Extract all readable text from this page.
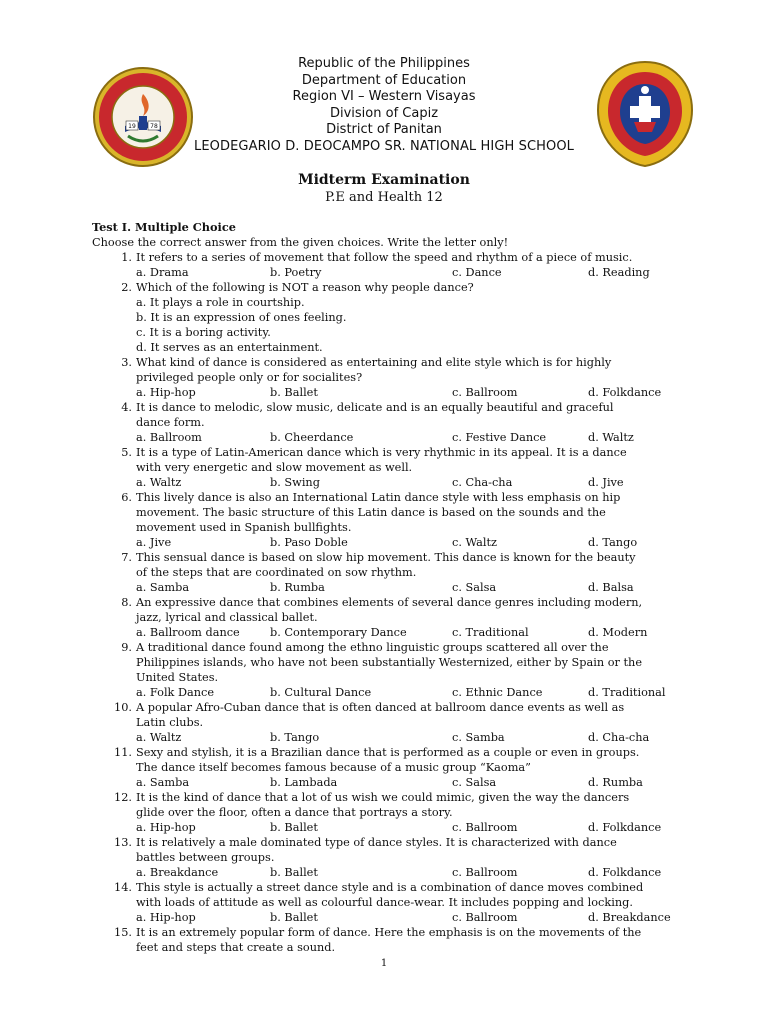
19 78
Republic of the Philippines
Department of Education
Region VI – Western Visayas
Division of Capiz
District of Panitan
LEODEGARIO D. DEOCAMPO SR. NATIONAL HIGH SCHOOL
Midterm Examination
P.E and Health 12
Test I. Multiple Choice
Choose the correct answer from the given choices. Write the letter only!
1. It refers to a series of movement that follow the speed and rhythm of a piece of music.
a. Drama	b. Poetry	c. Dance	d. Reading
2. Which of the following is NOT a reason why people dance?
a. It plays a role in courtship.
b. It is an expression of ones feeling.
c. It is a boring activity.
d. It serves as an entertainment.
3. What kind of dance is considered as entertaining and elite style which is for highly
privileged people only or for socialites?
a. Hip-hop	b. Ballet	c. Ballroom	d. Folkdance
4. It is dance to melodic, slow music, delicate and is an equally beautiful and graceful
dance form.
a. Ballroom	b. Cheerdance	c. Festive Dance	d. Waltz
5. It is a type of Latin-American dance which is very rhythmic in its appeal. It is a dance
with very energetic and slow movement as well.
a. Waltz	b. Swing	c. Cha-cha	d. Jive
6. This lively dance is also an International Latin dance style with less emphasis on hip
movement. The basic structure of this Latin dance is based on the sounds and the
movement used in Spanish bullfights.
a. Jive	b. Paso Doble	c. Waltz	d. Tango
7. This sensual dance is based on slow hip movement. This dance is known for the beauty
of the steps that are coordinated on sow rhythm.
a. Samba	b. Rumba	c. Salsa	d. Balsa
8. An expressive dance that combines elements of several dance genres including modern,
jazz, lyrical and classical ballet.
a. Ballroom dance	b. Contemporary Dance	c. Traditional	d. Modern
9. A traditional dance found among the ethno linguistic groups scattered all over the
Philippines islands, who have not been substantially Westernized, either by Spain or the
United States.
a. Folk Dance	b. Cultural Dance	c. Ethnic Dance	d. Traditional
10. A popular Afro-Cuban dance that is often danced at ballroom dance events as well as
Latin clubs.
a. Waltz	b. Tango	c. Samba	d. Cha-cha
11. Sexy and stylish, it is a Brazilian dance that is performed as a couple or even in groups.
The dance itself becomes famous because of a music group “Kaoma”
a. Samba	b. Lambada	c. Salsa	d. Rumba
12. It is the kind of dance that a lot of us wish we could mimic, given the way the dancers
glide over the floor, often a dance that portrays a story.
a. Hip-hop	b. Ballet	c. Ballroom	d. Folkdance
13. It is relatively a male dominated type of dance styles. It is characterized with dance
battles between groups.
a. Breakdance	b. Ballet	c. Ballroom	d. Folkdance
14. This style is actually a street dance style and is a combination of dance moves combined
with loads of attitude as well as colourful dance-wear. It includes popping and locking.
a. Hip-hop	b. Ballet	c. Ballroom	d. Breakdance
15. It is an extremely popular form of dance. Here the emphasis is on the movements of the
feet and steps that create a sound.
1
